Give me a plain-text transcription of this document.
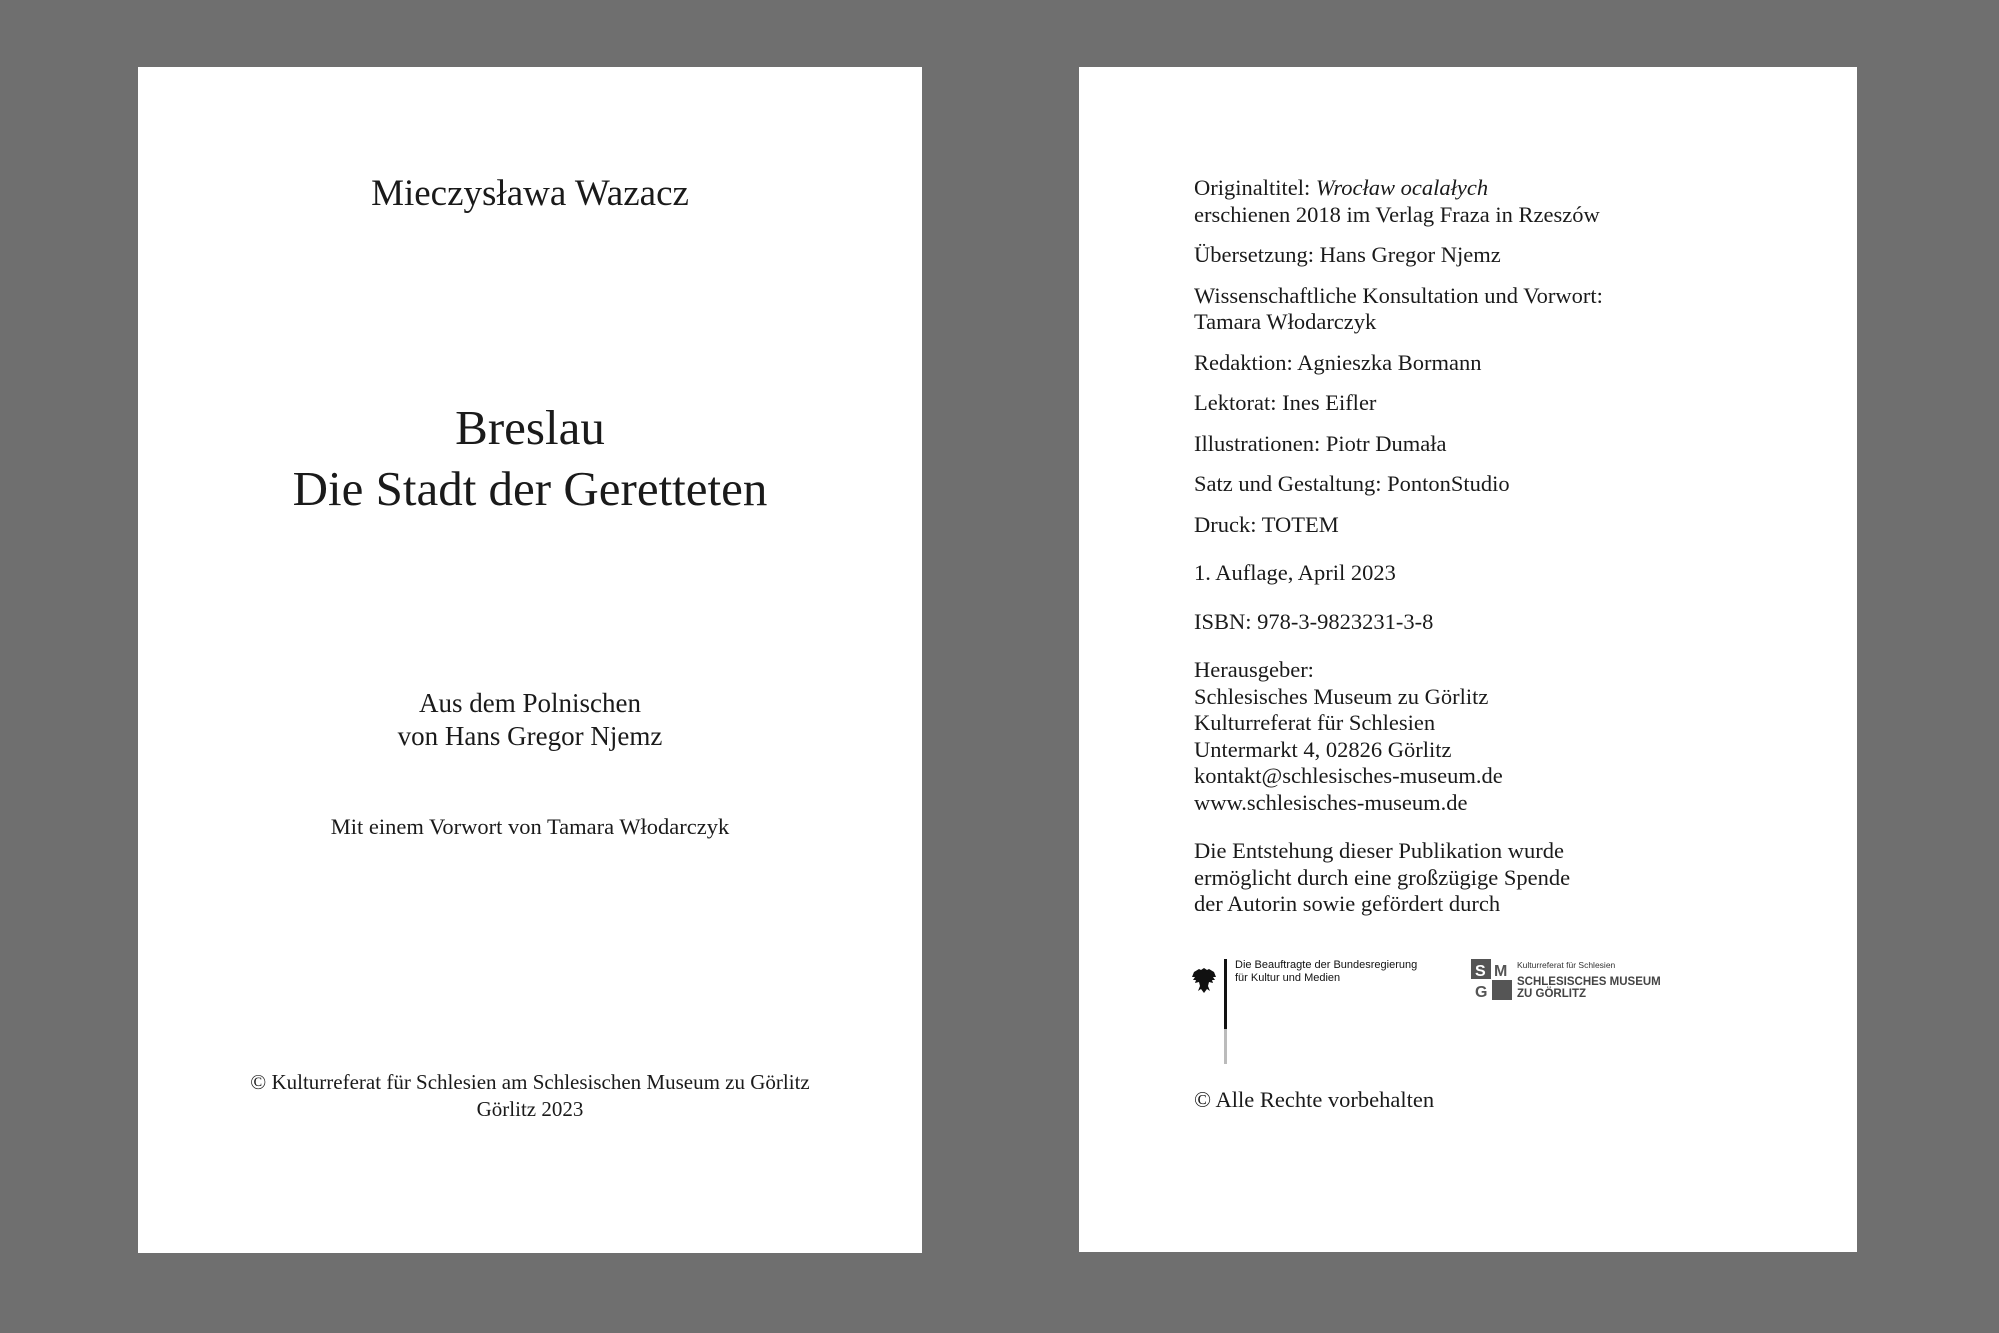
Mieczysława Wazacz
Breslau
Die Stadt der Geretteten
Aus dem Polnischen
von Hans Gregor Njemz
Mit einem Vorwort von Tamara Włodarczyk
© Kulturreferat für Schlesien am Schlesischen Museum zu Görlitz
Görlitz 2023

Originaltitel: Wrocław ocalałych
erschienen 2018 im Verlag Fraza in Rzeszów

Übersetzung: Hans Gregor Njemz

Wissenschaftliche Konsultation und Vorwort:
Tamara Włodarczyk

Redaktion: Agnieszka Bormann

Lektorat: Ines Eifler

Illustrationen: Piotr Dumała

Satz und Gestaltung: PontonStudio

Druck: TOTEM

1. Auflage, April 2023

ISBN: 978-3-9823231-3-8

Herausgeber:
Schlesisches Museum zu Görlitz
Kulturreferat für Schlesien
Untermarkt 4, 02826 Görlitz
kontakt@schlesisches-museum.de
www.schlesisches-museum.de

Die Entstehung dieser Publikation wurde
ermöglicht durch eine großzügige Spende
der Autorin sowie gefördert durch

Die Beauftragte der Bundesregierung
für Kultur und Medien	S M
G
Kulturreferat für Schlesien
SCHLESISCHES MUSEUM
ZU GÖRLITZ
© Alle Rechte vorbehalten
